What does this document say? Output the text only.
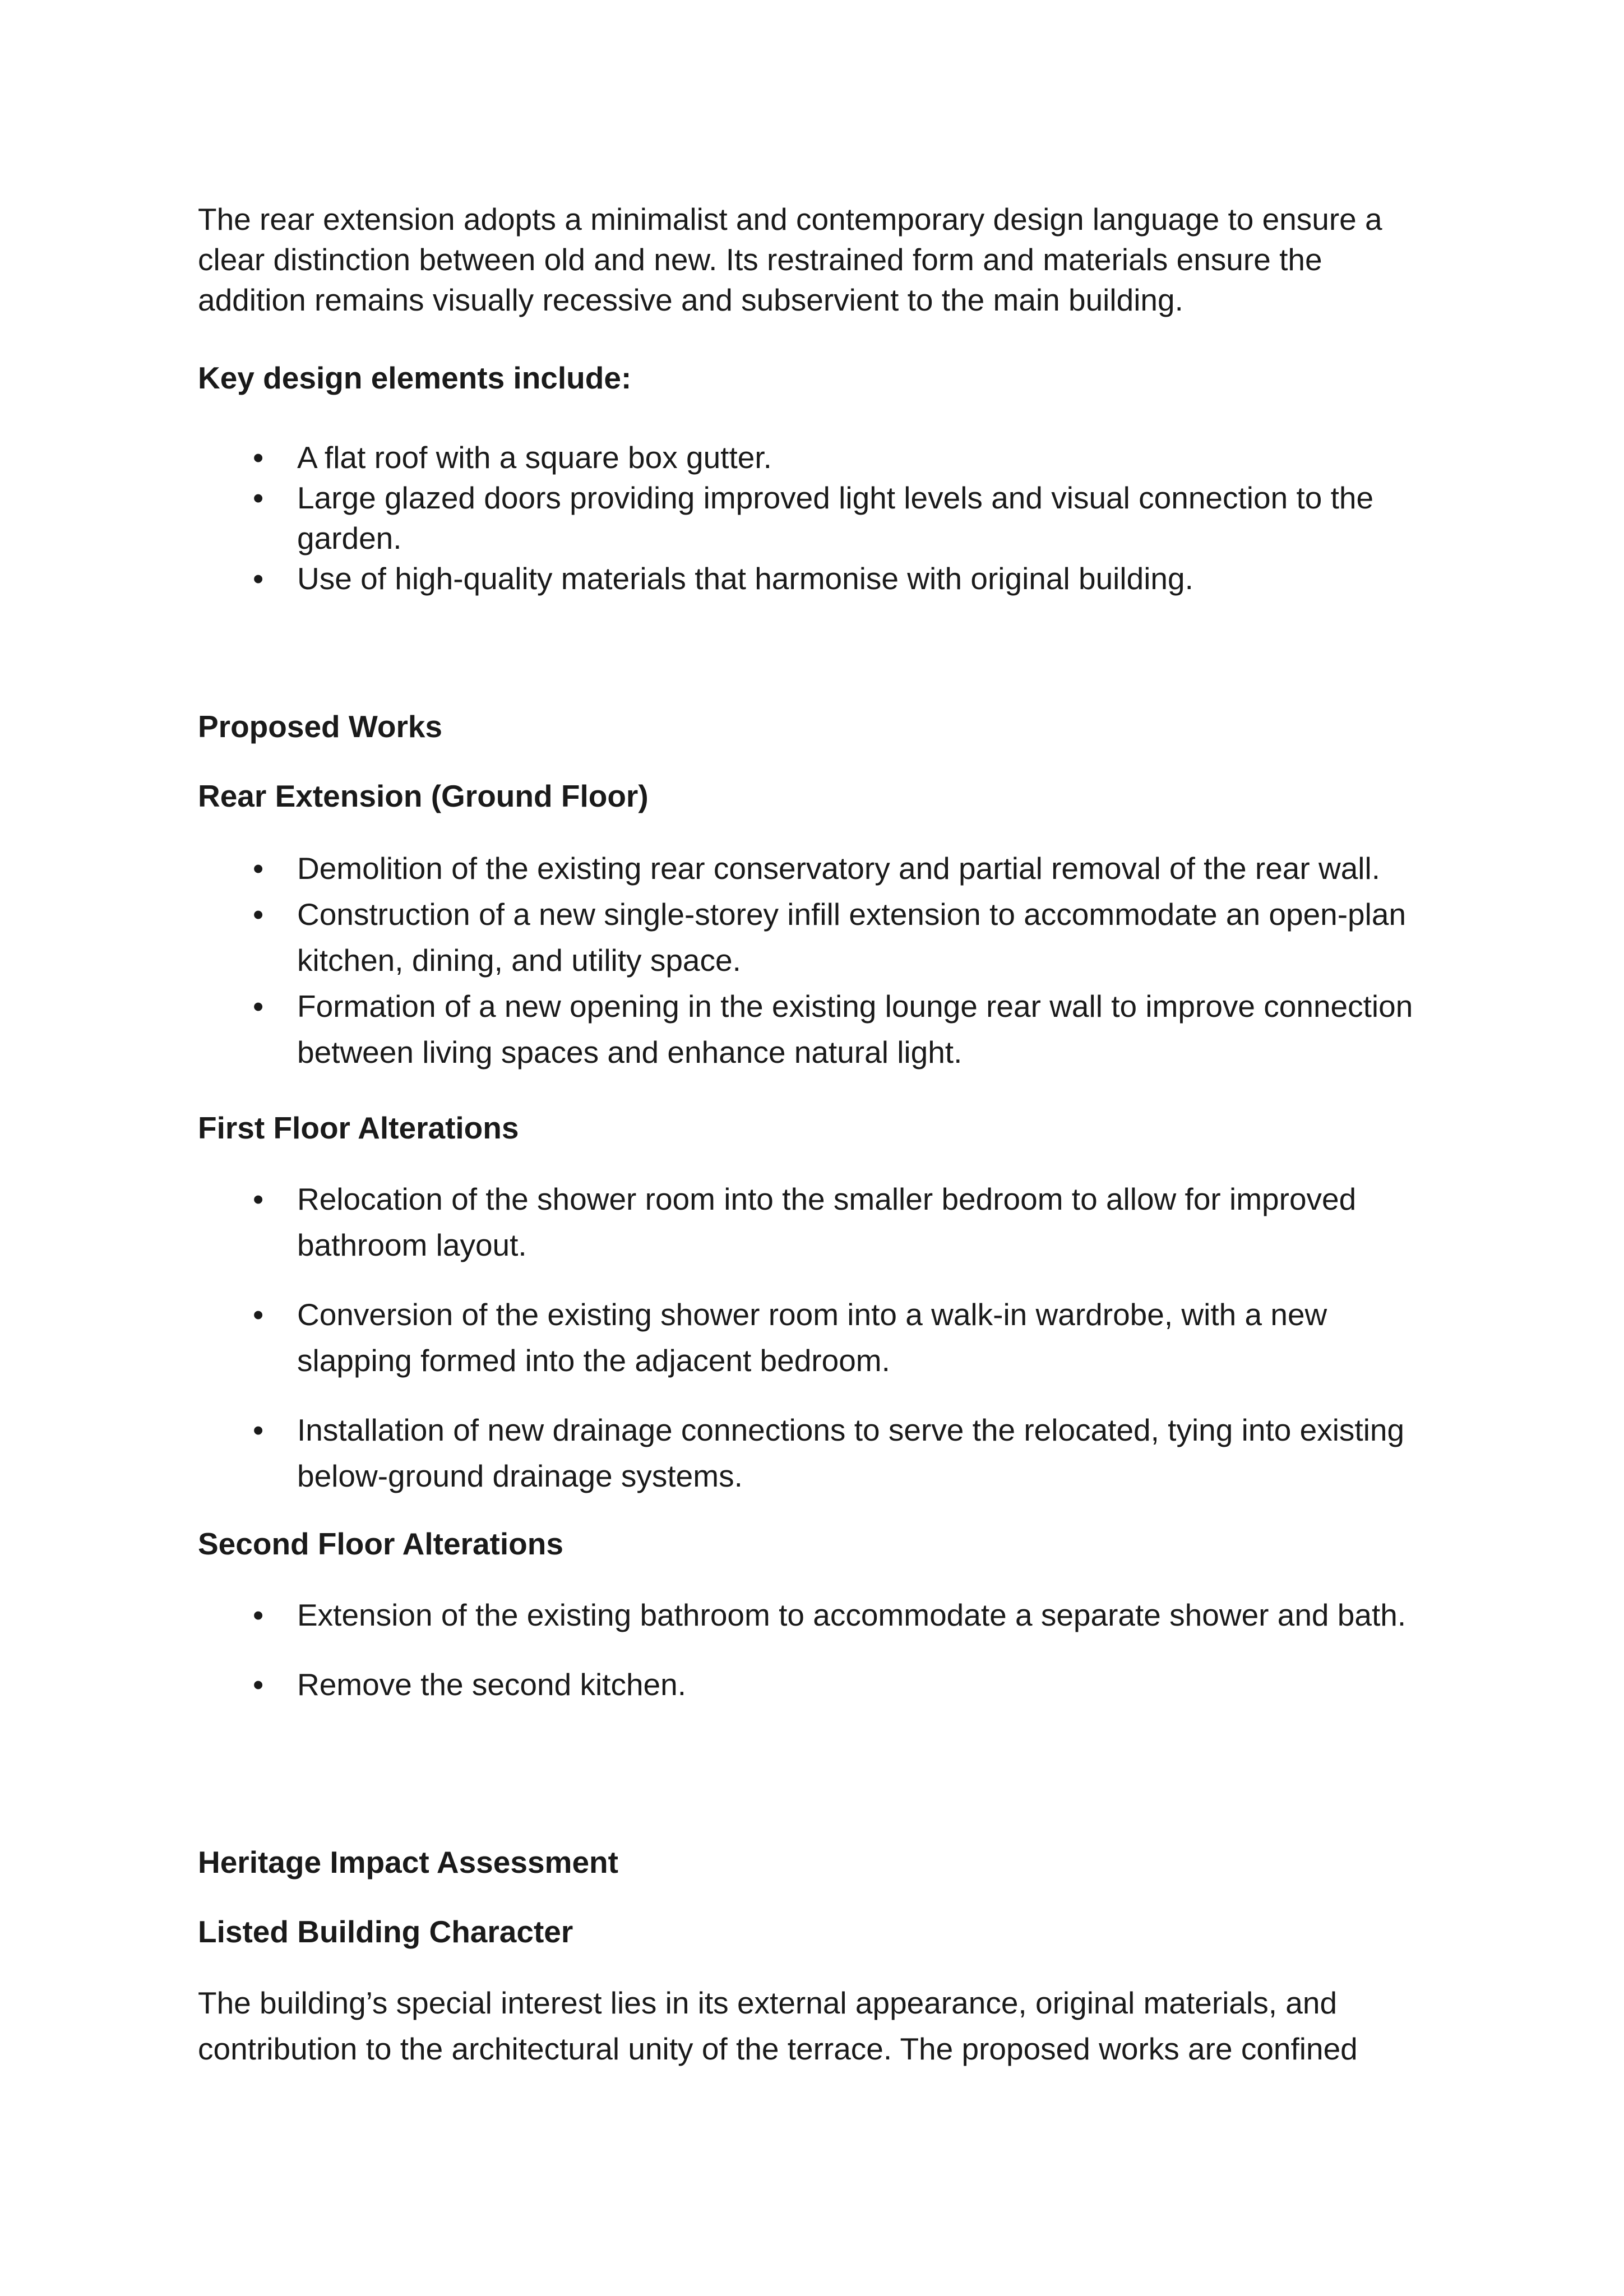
The rear extension adopts a minimalist and contemporary design language to ensure a clear distinction between old and new. Its restrained form and materials ensure the addition remains visually recessive and subservient to the main building.

Key design elements include:

• A flat roof with a square box gutter.
• Large glazed doors providing improved light levels and visual connection to the garden.
• Use of high-quality materials that harmonise with original building.

Proposed Works

Rear Extension (Ground Floor)

• Demolition of the existing rear conservatory and partial removal of the rear wall.
• Construction of a new single-storey infill extension to accommodate an open-plan kitchen, dining, and utility space.
• Formation of a new opening in the existing lounge rear wall to improve connection between living spaces and enhance natural light.

First Floor Alterations

• Relocation of the shower room into the smaller bedroom to allow for improved bathroom layout.
• Conversion of the existing shower room into a walk-in wardrobe, with a new slapping formed into the adjacent bedroom.
• Installation of new drainage connections to serve the relocated, tying into existing below-ground drainage systems.

Second Floor Alterations

• Extension of the existing bathroom to accommodate a separate shower and bath.
• Remove the second kitchen.

Heritage Impact Assessment

Listed Building Character

The building’s special interest lies in its external appearance, original materials, and contribution to the architectural unity of the terrace. The proposed works are confined
